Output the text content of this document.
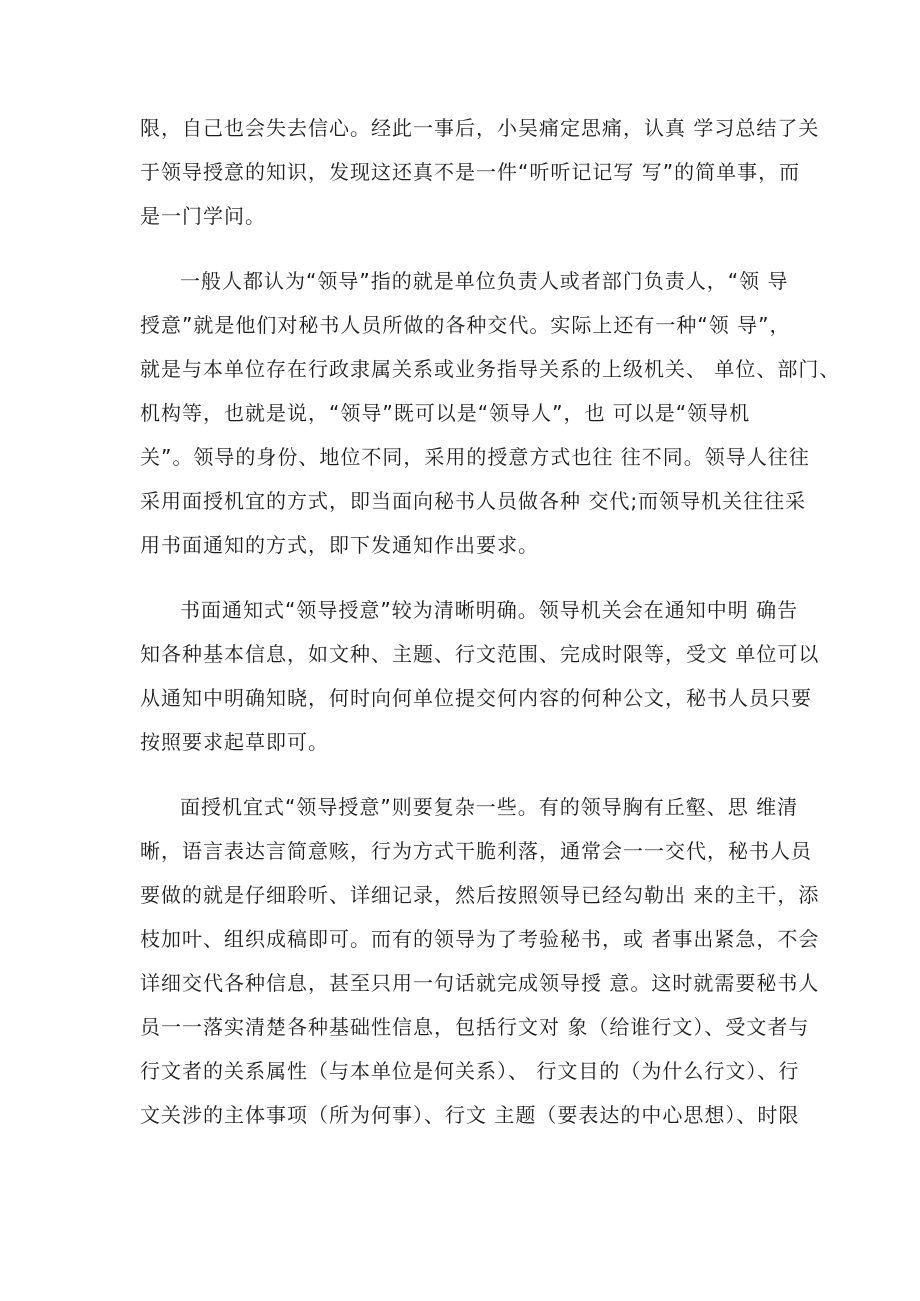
限，自己也会失去信心。经此一事后，小吴痛定思痛，认真 学习总结了关
于领导授意的知识，发现这还真不是一件“听听记记写 写”的简单事，而
是一门学问。
一般人都认为“领导”指的就是单位负责人或者部门负责人，“领 导
授意”就是他们对秘书人员所做的各种交代。实际上还有一种“领 导”，
就是与本单位存在行政隶属关系或业务指导关系的上级机关、 单位、部门、
机构等，也就是说，“领导”既可以是“领导人”，也 可以是“领导机
关”。领导的身份、地位不同，采用的授意方式也往 往不同。领导人往往
采用面授机宜的方式，即当面向秘书人员做各种 交代;而领导机关往往采
用书面通知的方式，即下发通知作出要求。
书面通知式“领导授意”较为清晰明确。领导机关会在通知中明 确告
知各种基本信息，如文种、主题、行文范围、完成时限等，受文 单位可以
从通知中明确知晓，何时向何单位提交何内容的何种公文，秘书人员只要
按照要求起草即可。
面授机宜式“领导授意”则要复杂一些。有的领导胸有丘壑、思 维清
晰，语言表达言简意赅，行为方式干脆利落，通常会一一交代，秘书人员
要做的就是仔细聆听、详细记录，然后按照领导已经勾勒出 来的主干，添
枝加叶、组织成稿即可。而有的领导为了考验秘书，或 者事出紧急，不会
详细交代各种信息，甚至只用一句话就完成领导授 意。这时就需要秘书人
员一一落实清楚各种基础性信息，包括行文对 象（给谁行文）、受文者与
行文者的关系属性（与本单位是何关系）、 行文目的（为什么行文）、行
文关涉的主体事项（所为何事）、行文 主题（要表达的中心思想）、时限
